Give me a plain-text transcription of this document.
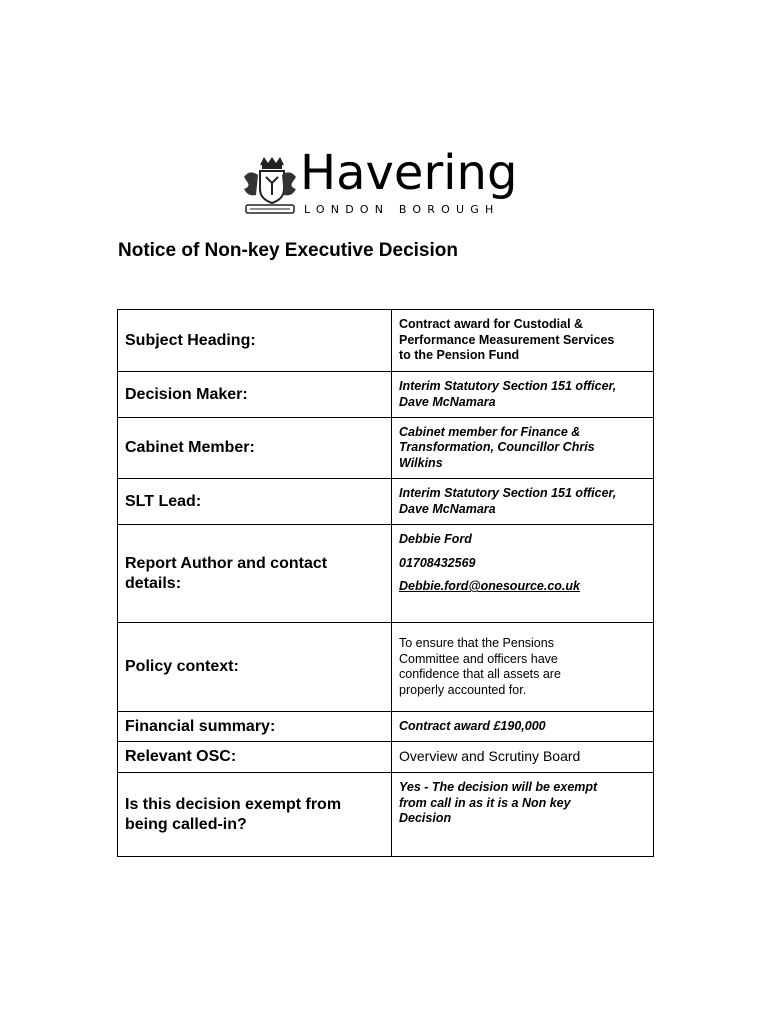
Havering
LONDON BOROUGH
Notice of Non-key Executive Decision
Subject Heading:	Contract award for Custodial &
Performance Measurement Services
to the Pension Fund

Decision Maker:	Interim Statutory Section 151 officer,
Dave McNamara

Cabinet Member:	Cabinet member for Finance &
Transformation, Councillor Chris
Wilkins

SLT Lead:	Interim Statutory Section 151 officer,
Dave McNamara

Report Author and contact
details:	Debbie Ford
01708432569
Debbie.ford@onesource.co.uk

Policy context:	To ensure that the Pensions
Committee and officers have
confidence that all assets are
properly accounted for.

Financial summary:	Contract award £190,000
Relevant OSC:	Overview and Scrutiny Board

Is this decision exempt from
being called-in?	Yes - The decision will be exempt
from call in as it is a Non key
Decision
